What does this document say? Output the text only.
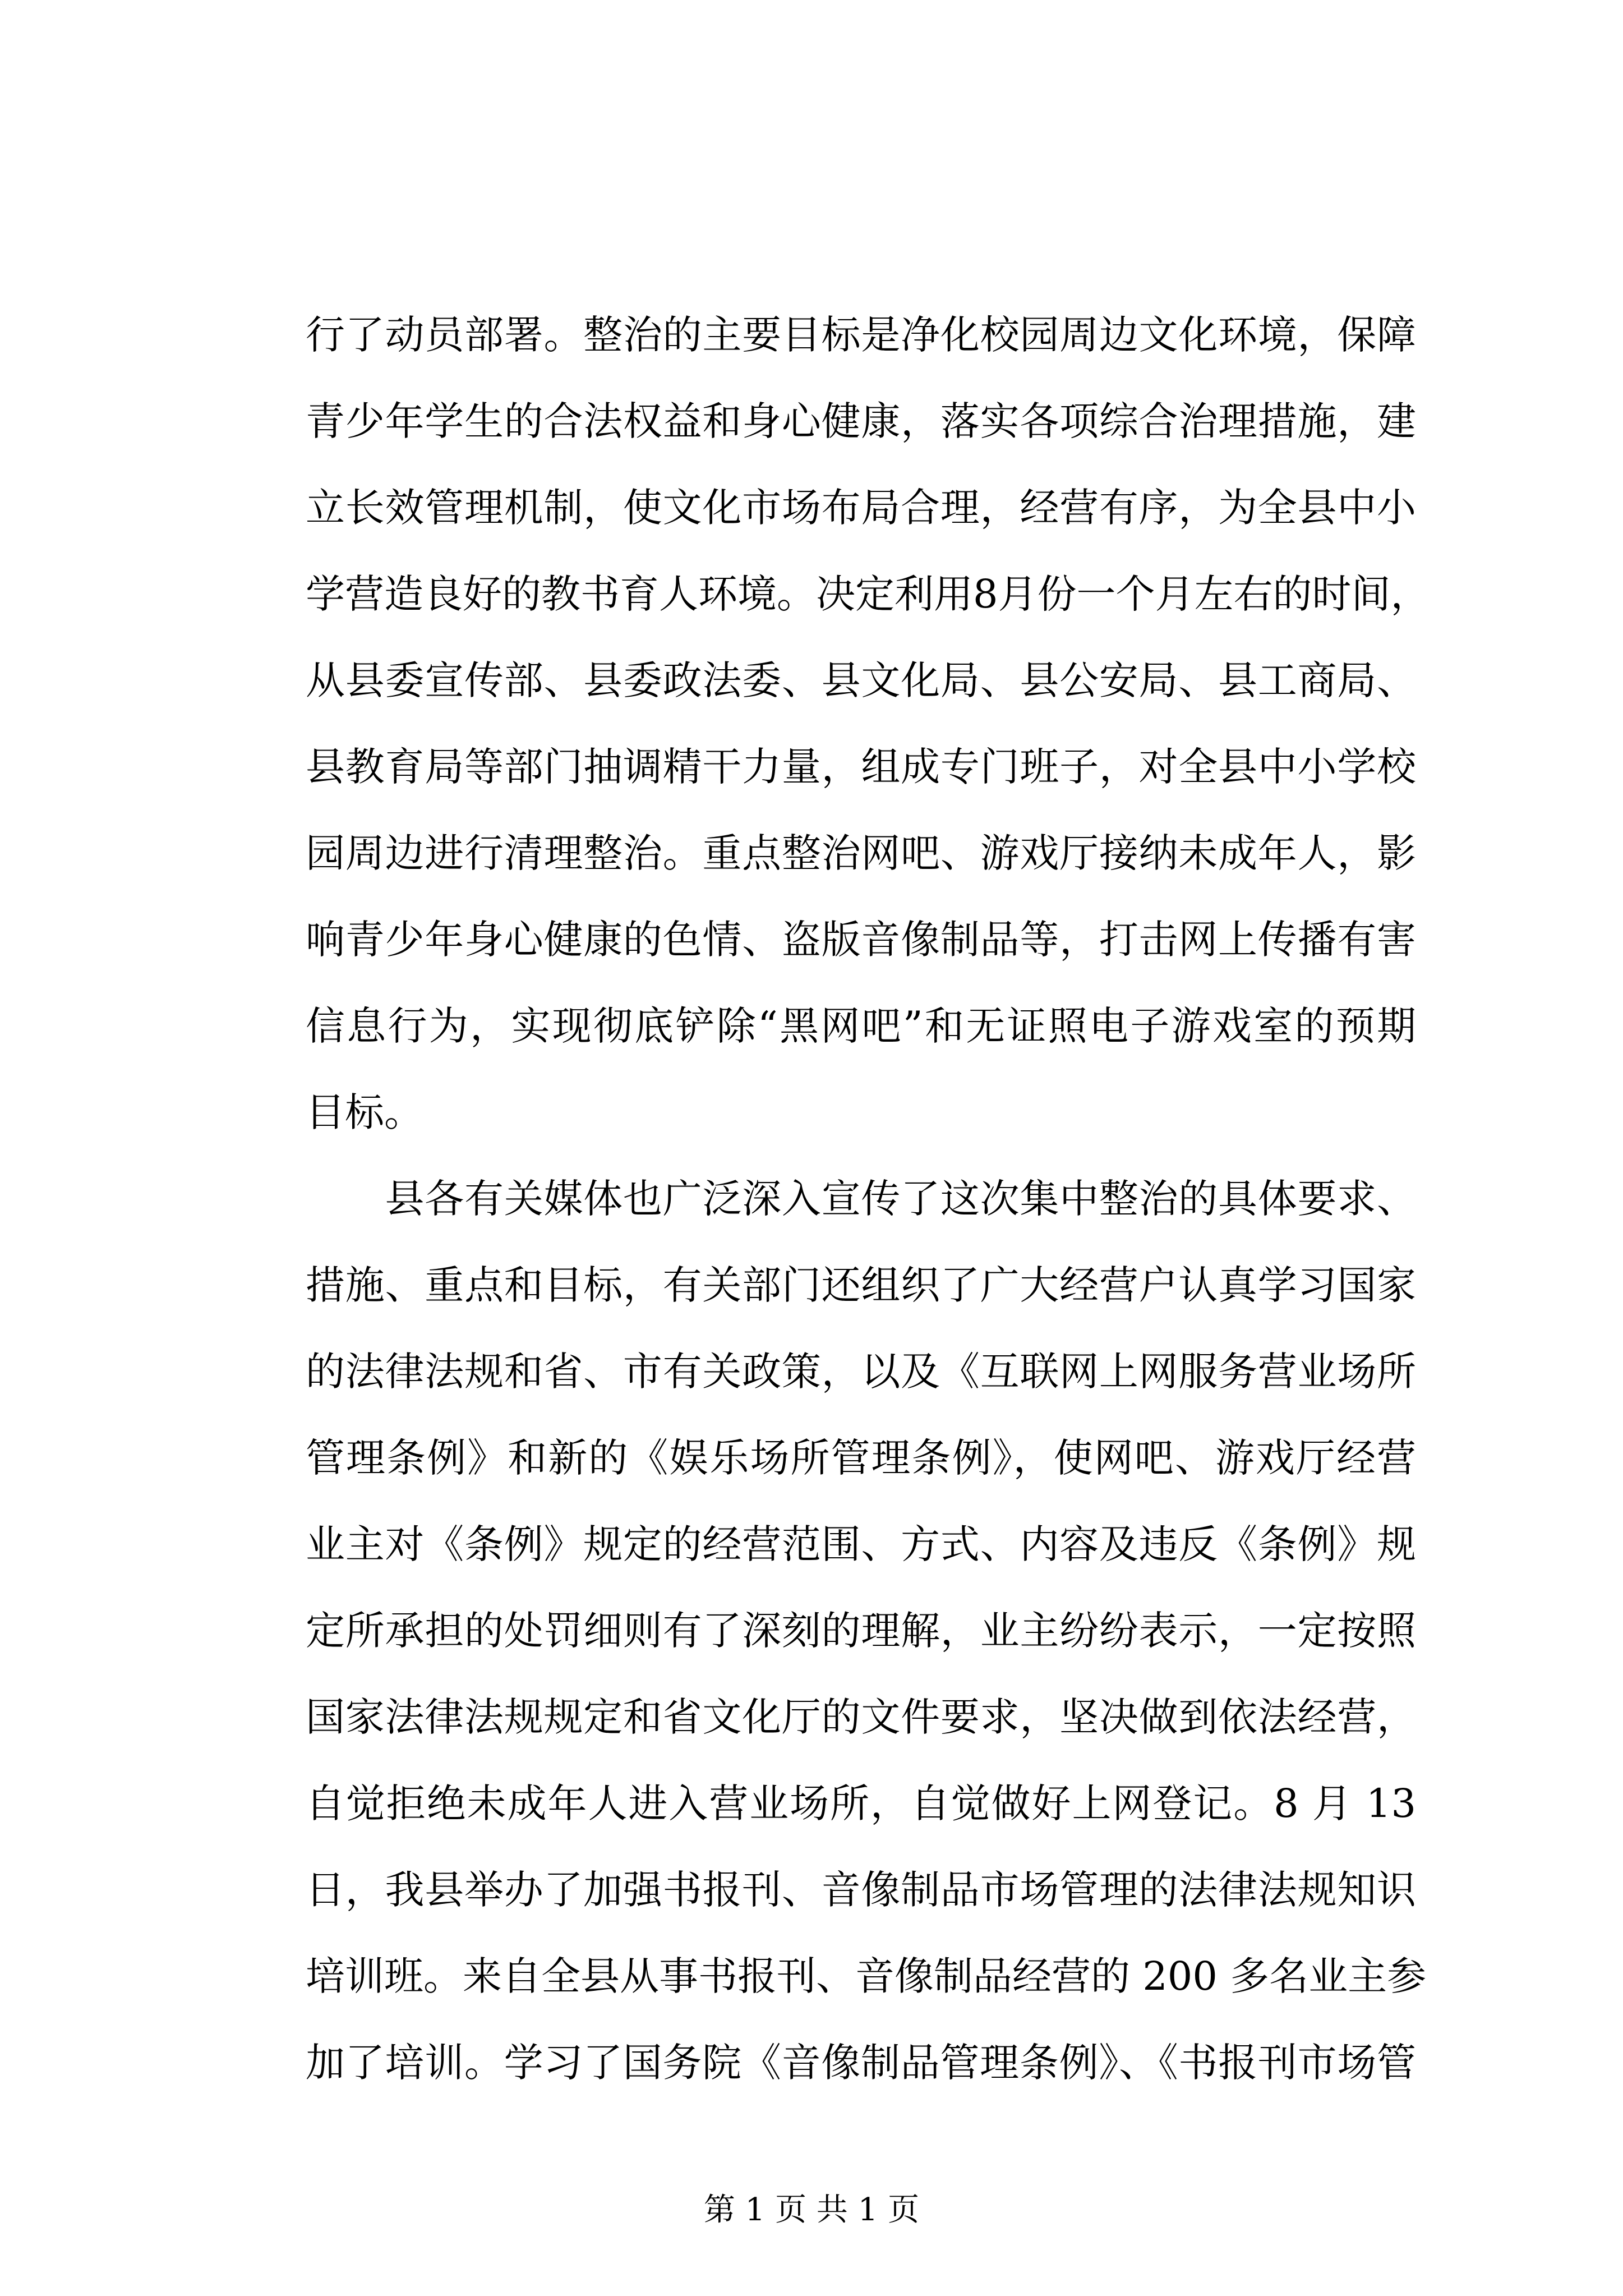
行了动员部署。整治的主要目标是净化校园周边文化环境，保障
青少年学生的合法权益和身心健康，落实各项综合治理措施，建
立长效管理机制，使文化市场布局合理，经营有序，为全县中小
学营造良好的教书育人环境。决定利用8月份一个月左右的时间，
从县委宣传部、县委政法委、县文化局、县公安局、县工商局、
县教育局等部门抽调精干力量，组成专门班子，对全县中小学校
园周边进行清理整治。重点整治网吧、游戏厅接纳未成年人，影
响青少年身心健康的色情、盗版音像制品等，打击网上传播有害
信息行为，实现彻底铲除“黑网吧”和无证照电子游戏室的预期
目标。
　　县各有关媒体也广泛深入宣传了这次集中整治的具体要求、
措施、重点和目标，有关部门还组织了广大经营户认真学习国家
的法律法规和省、市有关政策，以及《互联网上网服务营业场所
管理条例》和新的《娱乐场所管理条例》，使网吧、游戏厅经营
业主对《条例》规定的经营范围、方式、内容及违反《条例》规
定所承担的处罚细则有了深刻的理解，业主纷纷表示，一定按照
国家法律法规规定和省文化厅的文件要求，坚决做到依法经营，
自觉拒绝未成年人进入营业场所，自觉做好上网登记。8 月 13
日，我县举办了加强书报刊、音像制品市场管理的法律法规知识
培训班。来自全县从事书报刊、音像制品经营的 200 多名业主参
加了培训。学习了国务院《音像制品管理条例》、《书报刊市场管
第 1 页 共 1 页
